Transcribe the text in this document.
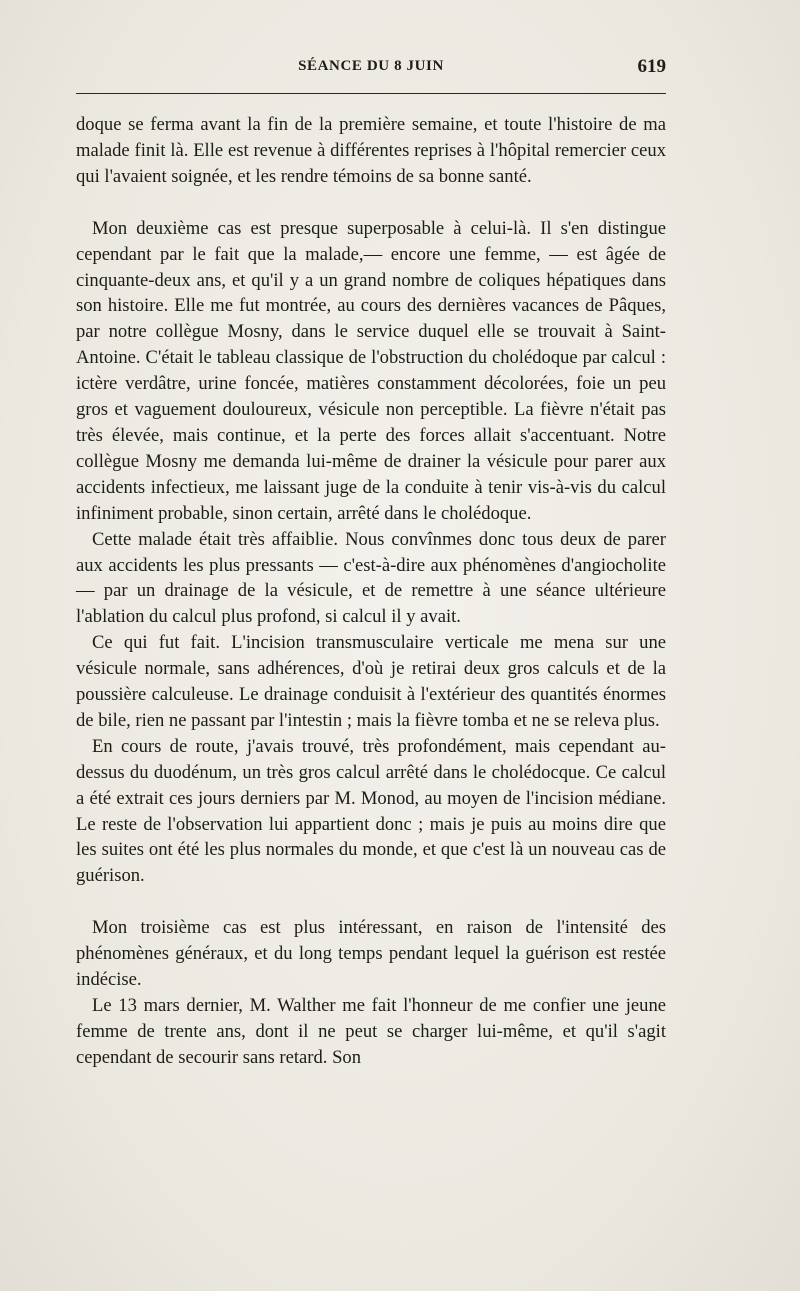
SÉANCE DU 8 JUIN	619

doque se ferma avant la fin de la première semaine, et toute l'histoire de ma malade finit là. Elle est revenue à différentes reprises à l'hôpital remercier ceux qui l'avaient soignée, et les rendre témoins de sa bonne santé.

Mon deuxième cas est presque superposable à celui-là. Il s'en distingue cependant par le fait que la malade,— encore une femme, — est âgée de cinquante-deux ans, et qu'il y a un grand nombre de coliques hépatiques dans son histoire. Elle me fut montrée, au cours des dernières vacances de Pâques, par notre collègue Mosny, dans le service duquel elle se trouvait à Saint-Antoine. C'était le tableau classique de l'obstruction du cholédoque par calcul : ictère verdâtre, urine foncée, matières constamment décolorées, foie un peu gros et vaguement douloureux, vésicule non perceptible. La fièvre n'était pas très élevée, mais continue, et la perte des forces allait s'accentuant. Notre collègue Mosny me demanda lui-même de drainer la vésicule pour parer aux accidents infectieux, me laissant juge de la conduite à tenir vis-à-vis du calcul infiniment probable, sinon certain, arrêté dans le cholédoque.

Cette malade était très affaiblie. Nous convînmes donc tous deux de parer aux accidents les plus pressants — c'est-à-dire aux phénomènes d'angiocholite — par un drainage de la vésicule, et de remettre à une séance ultérieure l'ablation du calcul plus profond, si calcul il y avait.

Ce qui fut fait. L'incision transmusculaire verticale me mena sur une vésicule normale, sans adhérences, d'où je retirai deux gros calculs et de la poussière calculeuse. Le drainage conduisit à l'extérieur des quantités énormes de bile, rien ne passant par l'intestin ; mais la fièvre tomba et ne se releva plus.

En cours de route, j'avais trouvé, très profondément, mais cependant au-dessus du duodénum, un très gros calcul arrêté dans le cholédocque. Ce calcul a été extrait ces jours derniers par M. Monod, au moyen de l'incision médiane. Le reste de l'observation lui appartient donc ; mais je puis au moins dire que les suites ont été les plus normales du monde, et que c'est là un nouveau cas de guérison.

Mon troisième cas est plus intéressant, en raison de l'intensité des phénomènes généraux, et du long temps pendant lequel la guérison est restée indécise.

Le 13 mars dernier, M. Walther me fait l'honneur de me confier une jeune femme de trente ans, dont il ne peut se charger lui-même, et qu'il s'agit cependant de secourir sans retard. Son
